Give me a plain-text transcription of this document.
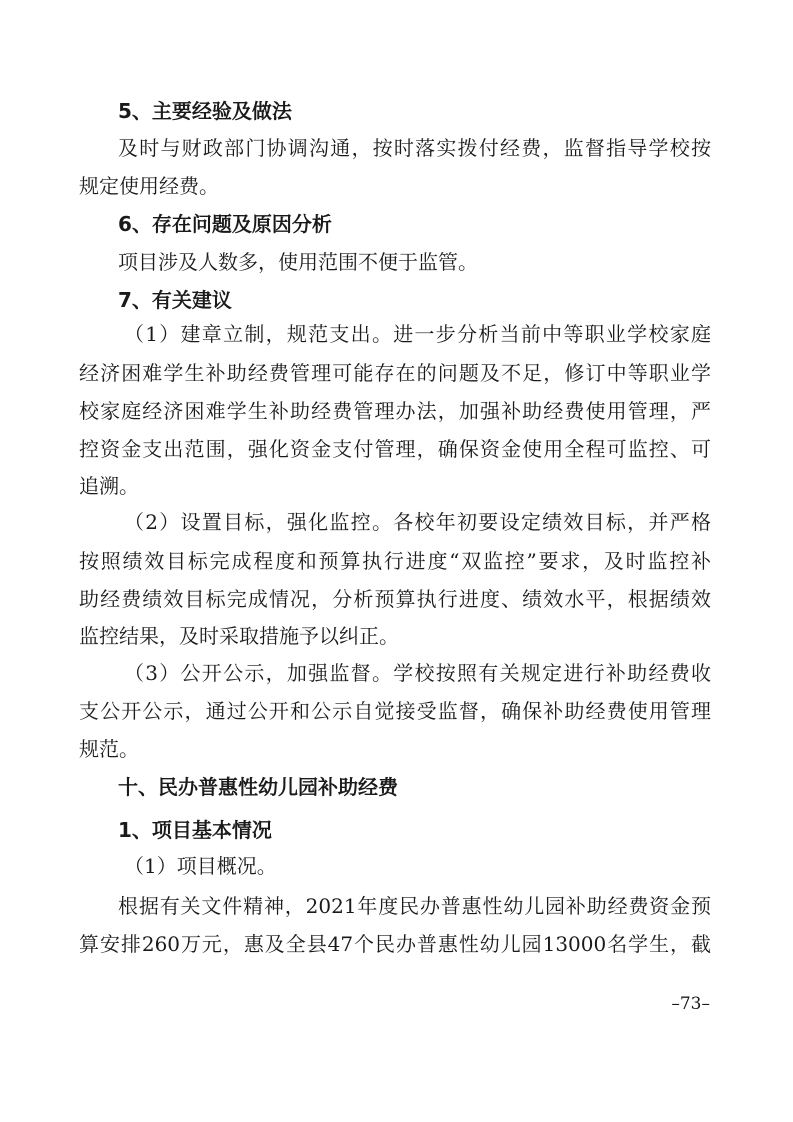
5、主要经验及做法
及时与财政部门协调沟通，按时落实拨付经费，监督指导学校按
规定使用经费。
6、存在问题及原因分析
项目涉及人数多，使用范围不便于监管。
7、有关建议
（1）建章立制，规范支出。进一步分析当前中等职业学校家庭
经济困难学生补助经费管理可能存在的问题及不足，修订中等职业学
校家庭经济困难学生补助经费管理办法，加强补助经费使用管理，严
控资金支出范围，强化资金支付管理，确保资金使用全程可监控、可
追溯。
（2）设置目标，强化监控。各校年初要设定绩效目标，并严格
按照绩效目标完成程度和预算执行进度“双监控”要求，及时监控补
助经费绩效目标完成情况，分析预算执行进度、绩效水平，根据绩效
监控结果，及时采取措施予以纠正。
（3）公开公示，加强监督。学校按照有关规定进行补助经费收
支公开公示，通过公开和公示自觉接受监督，确保补助经费使用管理
规范。
十、民办普惠性幼儿园补助经费
1、项目基本情况
（1）项目概况。
根据有关文件精神，2021年度民办普惠性幼儿园补助经费资金预
算安排260万元，惠及全县47个民办普惠性幼儿园13000名学生，截
–73–
